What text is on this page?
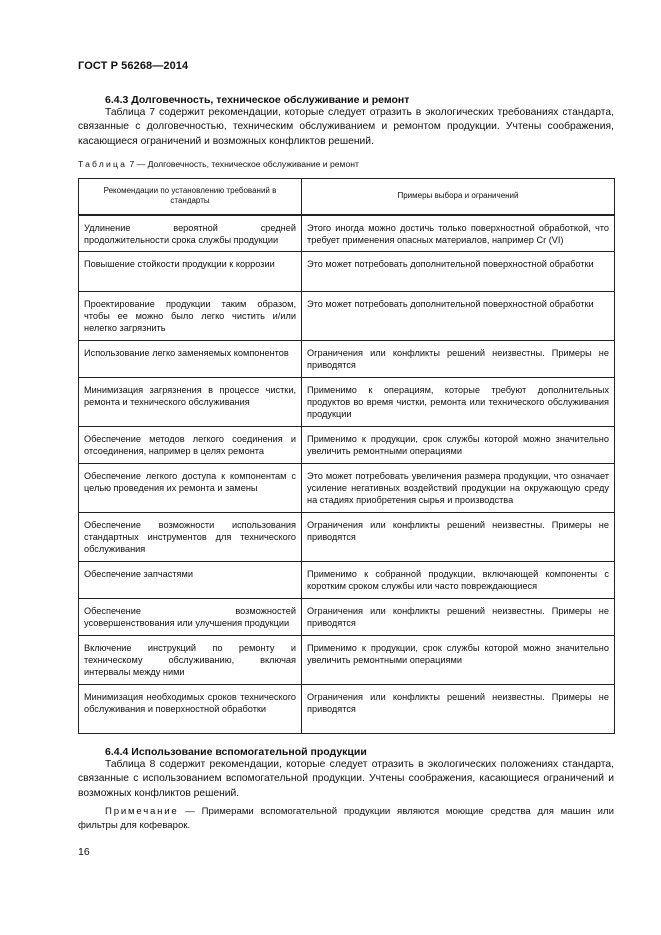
ГОСТ Р 56268—2014
6.4.3 Долговечность, техническое обслуживание и ремонт

Таблица 7 содержит рекомендации, которые следует отразить в экологических требованиях стандарта, связанные с долговечностью, техническим обслуживанием и ремонтом продукции. Учтены соображения, касающиеся ограничений и возможных конфликтов решений.

Таблица 7 — Долговечность, техническое обслуживание и ремонт
Рекомендации по установлению требований в стандарты	Примеры выбора и ограничений
Удлинение вероятной средней продолжительности срока службы продукции	Этого иногда можно достичь только поверхностной обработкой, что требует применения опасных материалов, например Cr (VI)
Повышение стойкости продукции к коррозии	Это может потребовать дополнительной поверхностной обработки
Проектирование продукции таким образом, чтобы ее можно было легко чистить и/или нелегко загрязнить	Это может потребовать дополнительной поверхностной обработки
Использование легко заменяемых компонентов	Ограничения или конфликты решений неизвестны. Примеры не приводятся
Минимизация загрязнения в процессе чистки, ремонта и технического обслуживания	Применимо к операциям, которые требуют дополнительных продуктов во время чистки, ремонта или технического обслуживания продукции
Обеспечение методов легкого соединения и отсоединения, например в целях ремонта	Применимо к продукции, срок службы которой можно значительно увеличить ремонтными операциями
Обеспечение легкого доступа к компонентам с целью проведения их ремонта и замены	Это может потребовать увеличения размера продукции, что означает усиление негативных воздействий продукции на окружающую среду на стадиях приобретения сырья и производства
Обеспечение возможности использования стандартных инструментов для технического обслуживания	Ограничения или конфликты решений неизвестны. Примеры не приводятся
Обеспечение запчастями	Применимо к собранной продукции, включающей компоненты с коротким сроком службы или часто повреждающиеся
Обеспечение возможностей усовершенствования или улучшения продукции	Ограничения или конфликты решений неизвестны. Примеры не приводятся
Включение инструкций по ремонту и техническому обслуживанию, включая интервалы между ними	Применимо к продукции, срок службы которой можно значительно увеличить ремонтными операциями
Минимизация необходимых сроков технического обслуживания и поверхностной обработки	Ограничения или конфликты решений неизвестны. Примеры не приводятся
6.4.4 Использование вспомогательной продукции

Таблица 8 содержит рекомендации, которые следует отразить в экологических положениях стандарта, связанные с использованием вспомогательной продукции. Учтены соображения, касающиеся ограничений и возможных конфликтов решений.

Примечание — Примерами вспомогательной продукции являются моющие средства для машин или фильтры для кофеварок.

16
